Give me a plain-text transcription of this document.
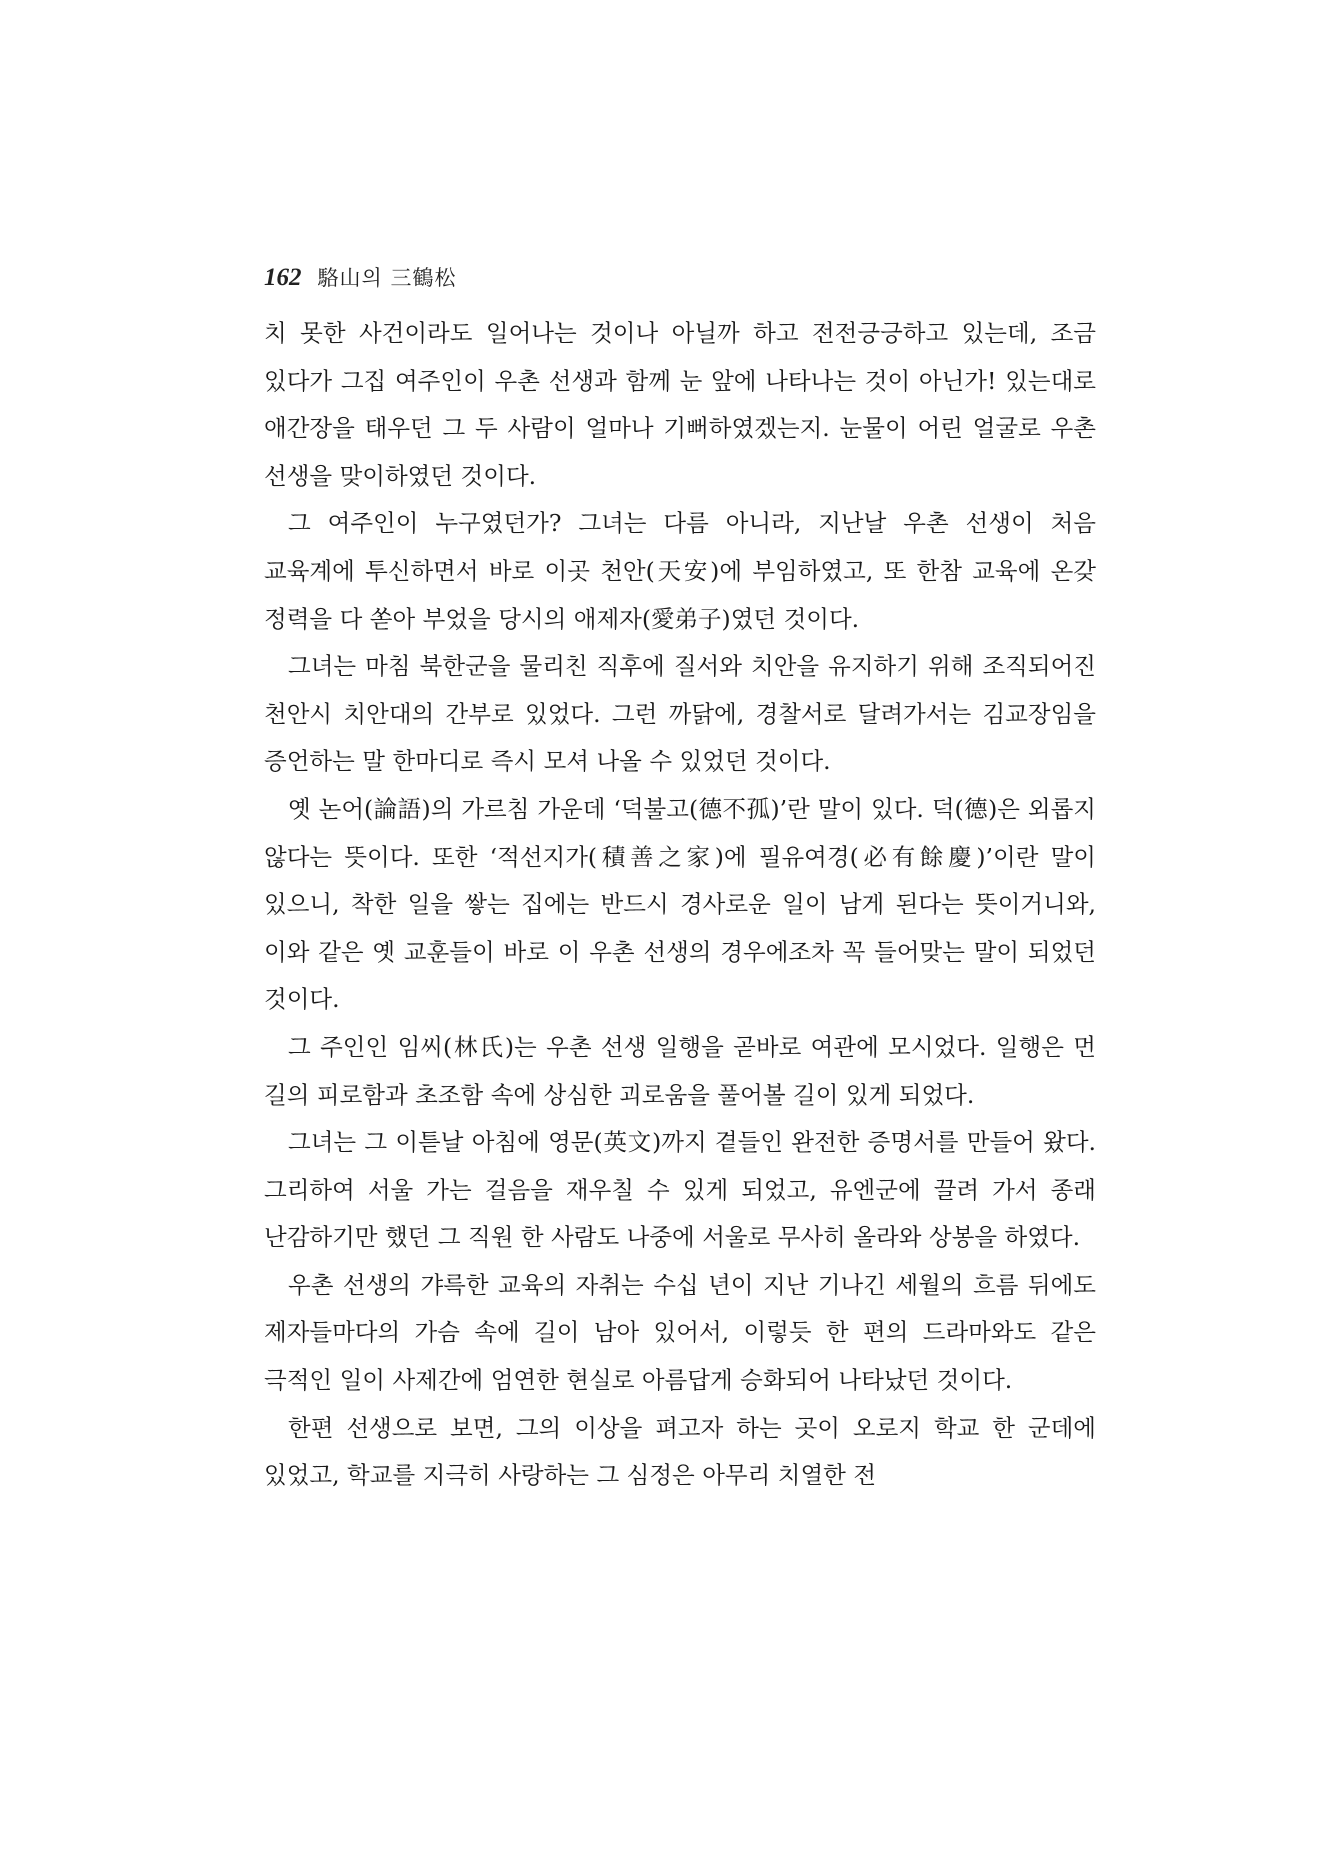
162 駱山의 三鶴松

치 못한 사건이라도 일어나는 것이나 아닐까 하고 전전긍긍하고 있는데, 조금 있다가 그집 여주인이 우촌 선생과 함께 눈 앞에 나타나는 것이 아닌가! 있는대로 애간장을 태우던 그 두 사람이 얼마나 기뻐하였겠는지. 눈물이 어린 얼굴로 우촌 선생을 맞이하였던 것이다.

그 여주인이 누구였던가? 그녀는 다름 아니라, 지난날 우촌 선생이 처음 교육계에 투신하면서 바로 이곳 천안(天安)에 부임하였고, 또 한참 교육에 온갖 정력을 다 쏟아 부었을 당시의 애제자(愛弟子)였던 것이다.

그녀는 마침 북한군을 물리친 직후에 질서와 치안을 유지하기 위해 조직되어진 천안시 치안대의 간부로 있었다. 그런 까닭에, 경찰서로 달려가서는 김교장임을 증언하는 말 한마디로 즉시 모셔 나올 수 있었던 것이다.

옛 논어(論語)의 가르침 가운데 ‘덕불고(德不孤)’란 말이 있다. 덕(德)은 외롭지 않다는 뜻이다. 또한 ‘적선지가(積善之家)에 필유여경(必有餘慶)’이란 말이 있으니, 착한 일을 쌓는 집에는 반드시 경사로운 일이 남게 된다는 뜻이거니와, 이와 같은 옛 교훈들이 바로 이 우촌 선생의 경우에조차 꼭 들어맞는 말이 되었던 것이다.

그 주인인 임씨(林氏)는 우촌 선생 일행을 곧바로 여관에 모시었다. 일행은 먼 길의 피로함과 초조함 속에 상심한 괴로움을 풀어볼 길이 있게 되었다.

그녀는 그 이튿날 아침에 영문(英文)까지 곁들인 완전한 증명서를 만들어 왔다. 그리하여 서울 가는 걸음을 재우칠 수 있게 되었고, 유엔군에 끌려 가서 종래 난감하기만 했던 그 직원 한 사람도 나중에 서울로 무사히 올라와 상봉을 하였다.

우촌 선생의 갸륵한 교육의 자취는 수십 년이 지난 기나긴 세월의 흐름 뒤에도 제자들마다의 가슴 속에 길이 남아 있어서, 이렇듯 한 편의 드라마와도 같은 극적인 일이 사제간에 엄연한 현실로 아름답게 승화되어 나타났던 것이다.

한편 선생으로 보면, 그의 이상을 펴고자 하는 곳이 오로지 학교 한 군데에 있었고, 학교를 지극히 사랑하는 그 심정은 아무리 치열한 전
